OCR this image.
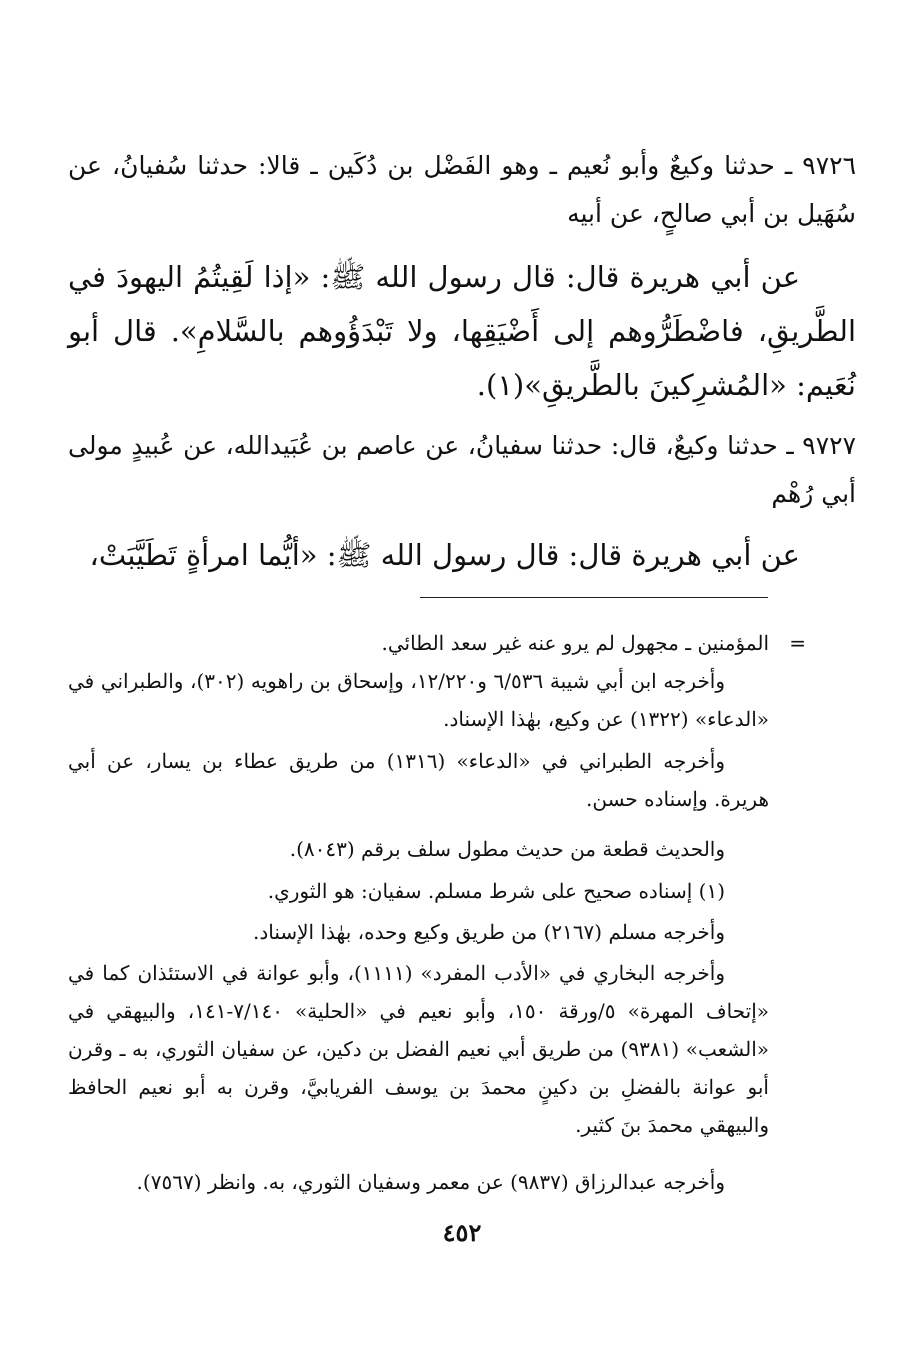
٩٧٢٦ ـ حدثنا وكيعٌ وأبو نُعيم ـ وهو الفَضْل بن دُكَين ـ قالا: حدثنا سُفيانُ، عن سُهَيل بن أبي صالحٍ، عن أبيه

عن أبي هريرة قال: قال رسول الله ﷺ: «إذا لَقِيتُمُ اليهودَ في الطَّريقِ، فاضْطَرُّوهم إلى أَضْيَقِها، ولا تَبْدَؤُوهم بالسَّلامِ». قال أبو نُعَيم: «المُشرِكينَ بالطَّريقِ»(١).

٩٧٢٧ ـ حدثنا وكيعٌ، قال: حدثنا سفيانُ، عن عاصم بن عُبَيدالله، عن عُبيدٍ مولى أبي رُهْم

عن أبي هريرة قال: قال رسول الله ﷺ: «أيُّما امرأةٍ تَطَيَّبَتْ،

=

المؤمنين ـ مجهول لم يرو عنه غير سعد الطائي.

وأخرجه ابن أبي شيبة ٦/٥٣٦ و١٢/٢٢٠، وإسحاق بن راهويه (٣٠٢)، والطبراني في «الدعاء» (١٣٢٢) عن وكيع، بهٰذا الإسناد.

وأخرجه الطبراني في «الدعاء» (١٣١٦) من طريق عطاء بن يسار، عن أبي هريرة. وإسناده حسن.

والحديث قطعة من حديث مطول سلف برقم (٨٠٤٣).

(١) إسناده صحيح على شرط مسلم. سفيان: هو الثوري.

وأخرجه مسلم (٢١٦٧) من طريق وكيع وحده، بهٰذا الإسناد.

وأخرجه البخاري في «الأدب المفرد» (١١١١)، وأبو عوانة في الاستئذان كما في «إتحاف المهرة» ٥/ورقة ١٥٠، وأبو نعيم في «الحلية» ٧/١٤٠-١٤١، والبيهقي في «الشعب» (٩٣٨١) من طريق أبي نعيم الفضل بن دكين، عن سفيان الثوري، به ـ وقرن أبو عوانة بالفضلِ بن دكينٍ محمدَ بن يوسف الفريابيَّ، وقرن به أبو نعيم الحافظ والبيهقي محمدَ بنَ كثير.

وأخرجه عبدالرزاق (٩٨٣٧) عن معمر وسفيان الثوري، به. وانظر (٧٥٦٧).

٤٥٢
